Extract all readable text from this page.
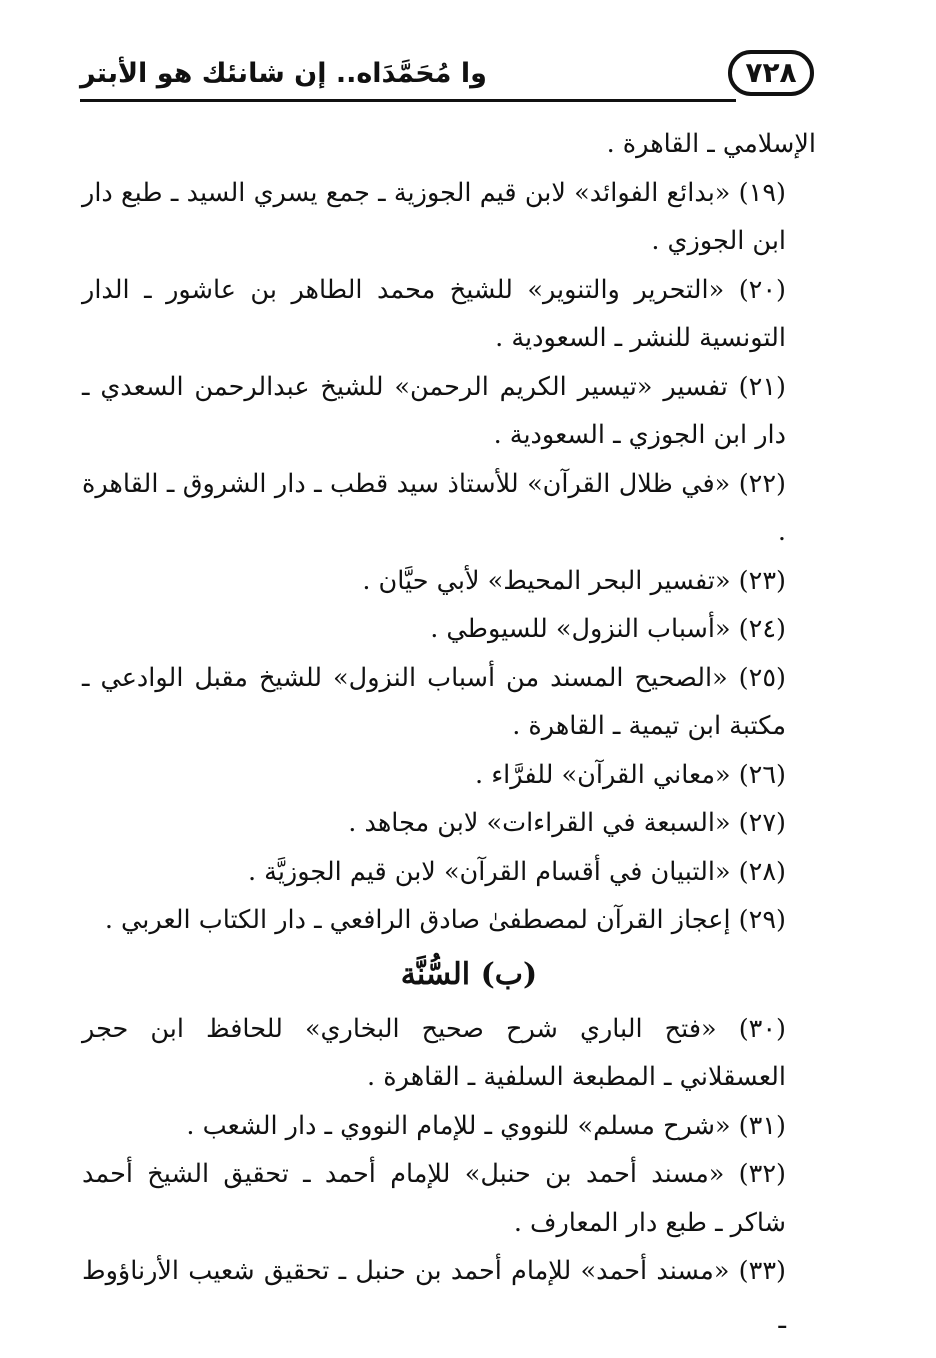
٧٢٨
وا مُحَمَّدَاه.. إن شانئك هو الأبتر

الإسلامي ـ القاهرة .

(١٩) «بدائع الفوائد» لابن قيم الجوزية ـ جمع يسري السيد ـ طبع دار ابن الجوزي .

(٢٠) «التحرير والتنوير» للشيخ محمد الطاهر بن عاشور ـ الدار التونسية للنشر ـ السعودية .

(٢١) تفسير «تيسير الكريم الرحمن» للشيخ عبدالرحمن السعدي ـ دار ابن الجوزي ـ السعودية .

(٢٢) «في ظلال القرآن» للأستاذ سيد قطب ـ دار الشروق ـ القاهرة .

(٢٣) «تفسير البحر المحيط» لأبي حيَّان .

(٢٤) «أسباب النزول» للسيوطي .

(٢٥) «الصحيح المسند من أسباب النزول» للشيخ مقبل الوادعي ـ مكتبة ابن تيمية ـ القاهرة .

(٢٦) «معاني القرآن» للفرَّاء .

(٢٧) «السبعة في القراءات» لابن مجاهد .

(٢٨) «التبيان في أقسام القرآن» لابن قيم الجوزيَّة .

(٢٩) إعجاز القرآن لمصطفىٰ صادق الرافعي ـ دار الكتاب العربي .

(ب) السُّنَّة

(٣٠) «فتح الباري شرح صحيح البخاري» للحافظ ابن حجر العسقلاني ـ المطبعة السلفية ـ القاهرة .

(٣١) «شرح مسلم» للنووي ـ للإمام النووي ـ دار الشعب .

(٣٢) «مسند أحمد بن حنبل» للإمام أحمد ـ تحقيق الشيخ أحمد شاكر ـ طبع دار المعارف .

(٣٣) «مسند أحمد» للإمام أحمد بن حنبل ـ تحقيق شعيب الأرناؤوط ـ
